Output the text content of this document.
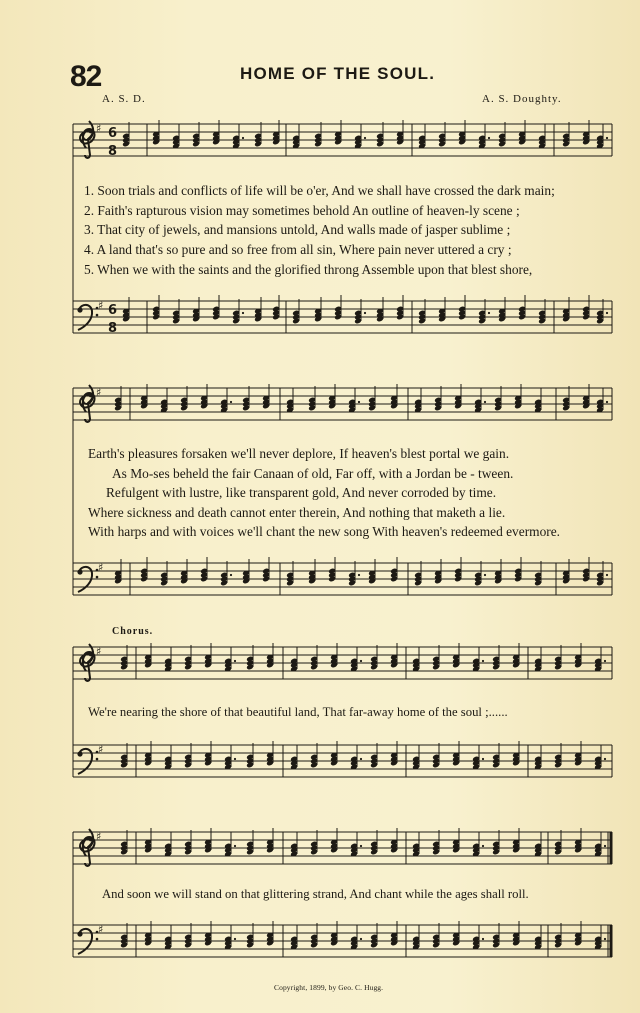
♯
♯
♯
♯
♯
♯
♯
♯
6
8
6
8
82	HOME OF THE SOUL.
A. S. D.	A. S. Doughty.
1. Soon trials and conflicts of life will be o'er, And we shall have crossed the dark main;
2. Faith's rapturous vision may sometimes behold An outline of heaven-ly scene ;
3. That city of jewels, and mansions untold, And walls made of jasper sublime ;
4. A land that's so pure and so free from all sin, Where pain never uttered a cry ;
5. When we with the saints and the glorified throng Assemble upon that blest shore,
Earth's pleasures forsaken we'll never deplore, If heaven's blest portal we gain.
As Mo-ses beheld the fair Canaan of old, Far off, with a Jordan be - tween.
Refulgent with lustre, like transparent gold, And never corroded by time.
Where sickness and death cannot enter therein, And nothing that maketh a lie.
With harps and with voices we'll chant the new song With heaven's redeemed evermore.
Chorus.
We're nearing the shore of that beautiful land, That far-away home of the soul ;......
And soon we will stand on that glittering strand, And chant while the ages shall roll.
Copyright, 1899, by Geo. C. Hugg.
